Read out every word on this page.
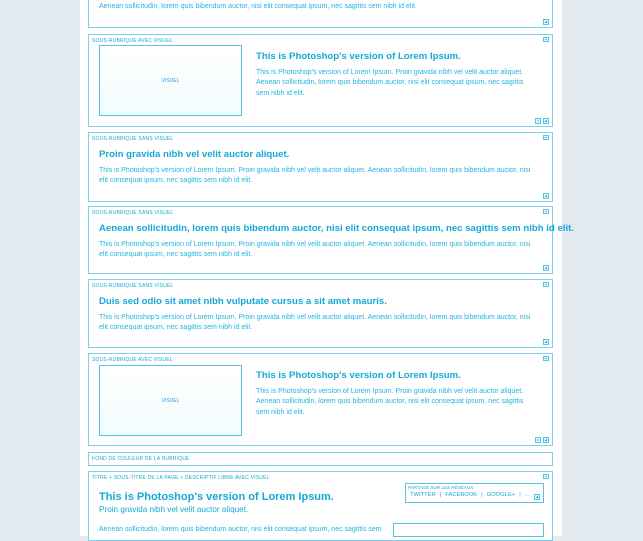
Aenean sollicitudin, lorem quis bibendum auctor, nisi elit consequat ipsum, nec sagittis sem nibh id elit.
SOUS-RUBRIQUE AVEC VISUEL
VISUEL
This is Photoshop's version of Lorem Ipsum.
This is Photoshop's version of Lorem Ipsum. Proin gravida nibh vel velit auctor aliquet. Aenean sollicitudin, lorem quis bibendum auctor, nisi elit consequat ipsum, nec sagittis sem nibh id elit.
SOUS-RUBRIQUE SANS VISUEL
Proin gravida nibh vel velit auctor aliquet.
This is Photoshop's version of Lorem Ipsum. Proin gravida nibh vel velit auctor aliquet. Aenean sollicitudin, lorem quis bibendum auctor, nisi elit consequat ipsum, nec sagittis sem nibh id elit.
SOUS-RUBRIQUE SANS VISUEL
Aenean sollicitudin, lorem quis bibendum auctor, nisi elit consequat ipsum, nec sagittis sem nibh id elit.
This is Photoshop's version of Lorem Ipsum. Proin gravida nibh vel velit auctor aliquet. Aenean sollicitudin, lorem quis bibendum auctor, nisi elit consequat ipsum, nec sagittis sem nibh id elit.
SOUS-RUBRIQUE SANS VISUEL
Duis sed odio sit amet nibh vulputate cursus a sit amet mauris.
This is Photoshop's version of Lorem Ipsum. Proin gravida nibh vel velit auctor aliquet. Aenean sollicitudin, lorem quis bibendum auctor, nisi elit consequat ipsum, nec sagittis sem nibh id elit.
SOUS-RUBRIQUE AVEC VISUEL
VISUEL
This is Photoshop's version of Lorem Ipsum.
This is Photoshop's version of Lorem Ipsum. Proin gravida nibh vel velit auctor aliquet. Aenean sollicitudin, lorem quis bibendum auctor, nisi elit consequat ipsum, nec sagittis sem nibh id elit.
FOND DE COULEUR DE LA RUBRIQUE
TITRE + SOUS-TITRE DE LA PAGE + DESCRIPTIF LIBRE AVEC VISUEL
This is Photoshop's version of Lorem Ipsum.
Proin gravida nibh vel velit auctor aliquet.
Aenean sollicitudin, lorem quis bibendum auctor, nisi elit consequat ipsum, nec sagittis sem
PARTAGE SUR LES RÉSEAUX
TWITTER | FACEBOOK | GOOGLE+ | ...
